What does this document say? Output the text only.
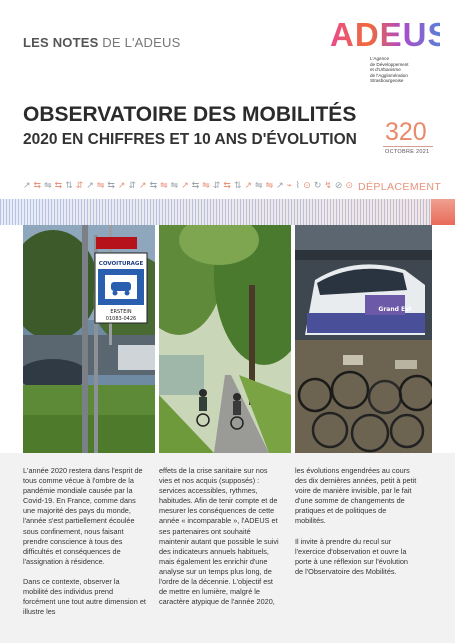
LES NOTES DE L'ADEUS	ADEUS
L'Agence
de Développement
et d'Urbanisme
de l'Agglomération
Strasbourgeoise
OBSERVATOIRE DES MOBILITÉS
2020 EN CHIFFRES ET 10 ANS D'ÉVOLUTION 320
OCTOBRE 2021
↗ ⇆ ⇋ ⇆ ⇅ ⇵ ↗ ⇋ ⇆ ↗ ⇵ ↗ ⇆ ⇋ ⇋ ↗ ⇆ ⇋ ⇵ ⇆ ⇅ ↗ ⇋ ⇋ ↗ ⌁ ⌇ ⊙ ↻ ↯ ⊘ ⊙ DÉPLACEMENT
COVOITURAGE
ERSTEIN
01083-0426
Grand Est

L'année 2020 restera dans l'esprit de tous comme vécue à l'ombre de la pandémie mondiale causée par la Covid-19. En France, comme dans une majorité des pays du monde, l'année s'est partiellement écoulée sous confinement, nous faisant prendre conscience à tous des difficultés et conséquences de l'assignation à résidence.

Dans ce contexte, observer la mobilité des individus prend forcément une tout autre dimension et illustre les

effets de la crise sanitaire sur nos vies et nos acquis (supposés) : services accessibles, rythmes, habitudes. Afin de tenir compte et de mesurer les conséquences de cette année « incomparable », l'ADEUS et ses partenaires ont souhaité maintenir autant que possible le suivi des indicateurs annuels habituels, mais également les enrichir d'une analyse sur un temps plus long, de l'ordre de la décennie. L'objectif est de mettre en lumière, malgré le caractère atypique de l'année 2020,

les évolutions engendrées au cours des dix dernières années, petit à petit voire de manière invisible, par le fait d'une somme de changements de pratiques et de politiques de mobilités.

Il invite à prendre du recul sur l'exercice d'observation et ouvre la porte à une réflexion sur l'évolution de l'Observatoire des Mobilités.
